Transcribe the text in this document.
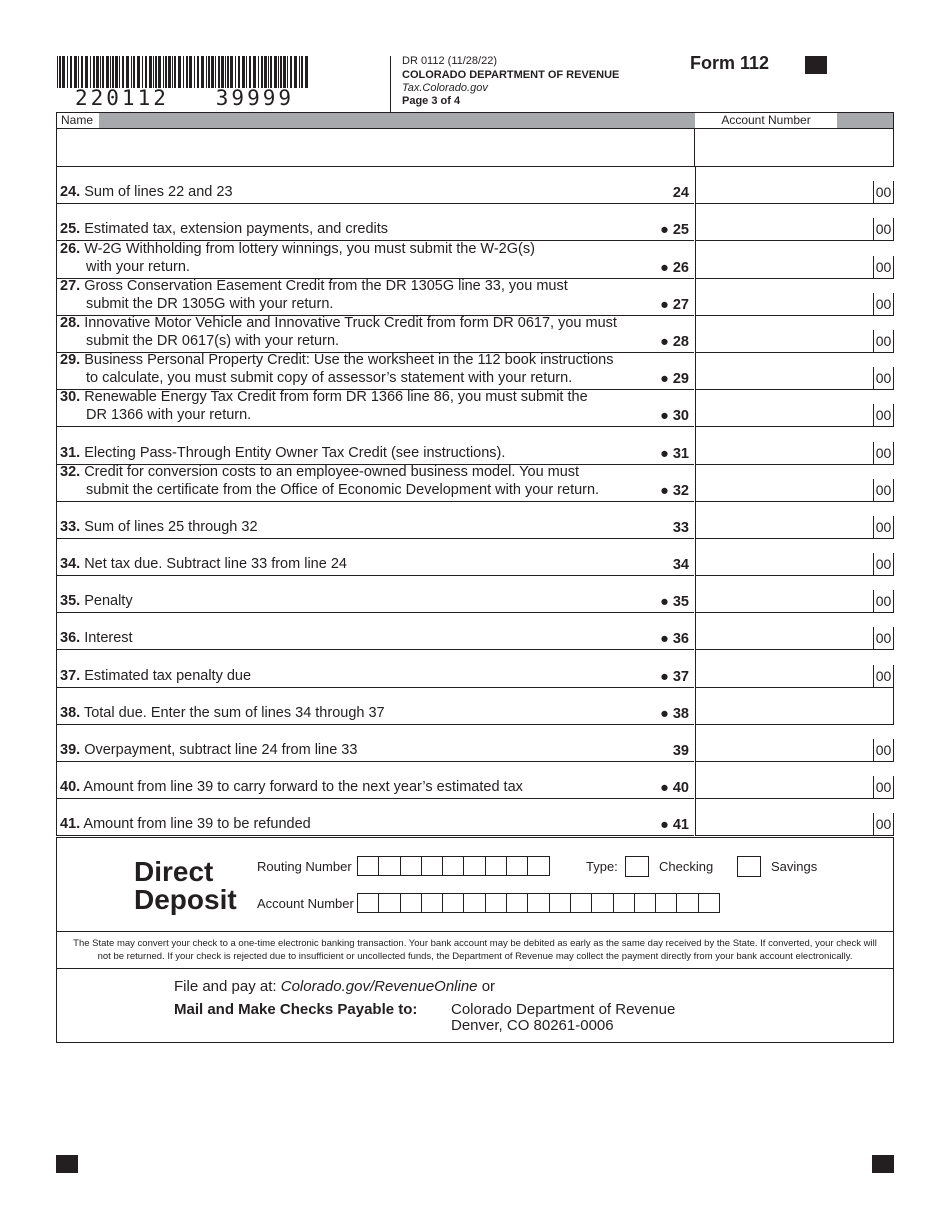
220112   39999
DR 0112 (11/28/22)
COLORADO DEPARTMENT OF REVENUE
Tax.Colorado.gov
Page 3 of 4
Form 112
Name	Account Number
24. Sum of lines 22 and 23	24	00
25. Estimated tax, extension payments, and credits	● 25	00
26. W-2G Withholding from lottery winnings, you must submit the W-2G(s)
with your return.	● 26	00
27. Gross Conservation Easement Credit from the DR 1305G line 33, you must
submit the DR 1305G with your return.	● 27	00
28. Innovative Motor Vehicle and Innovative Truck Credit from form DR 0617, you must
submit the DR 0617(s) with your return.	● 28	00
29. Business Personal Property Credit: Use the worksheet in the 112 book instructions
to calculate, you must submit copy of assessor’s statement with your return.	● 29	00
30. Renewable Energy Tax Credit from form DR 1366 line 86, you must submit the
DR 1366 with your return.	● 30	00
31. Electing Pass-Through Entity Owner Tax Credit (see instructions).	● 31	00
32. Credit for conversion costs to an employee-owned business model. You must
submit the certificate from the Office of Economic Development with your return.	● 32	00
33. Sum of lines 25 through 32	33	00
34. Net tax due. Subtract line 33 from line 24	34	00
35. Penalty	● 35	00
36. Interest	● 36	00
37. Estimated tax penalty due	● 37	00
38. Total due. Enter the sum of lines 34 through 37	● 38
39. Overpayment, subtract line 24 from line 33	39	00
40. Amount from line 39 to carry forward to the next year’s estimated tax	● 40	00
41. Amount from line 39 to be refunded	● 41	00
Direct
Deposit
Routing Number
Account Number
Type:	Checking	Savings
The State may convert your check to a one-time electronic banking transaction. Your bank account may be debited as early as the same day received by the State. If converted, your check will not be returned. If your check is rejected due to insufficient or uncollected funds, the Department of Revenue may collect the payment directly from your bank account electronically.
File and pay at: Colorado.gov/RevenueOnline or
Mail and Make Checks Payable to: Colorado Department of Revenue
Denver, CO 80261-0006
